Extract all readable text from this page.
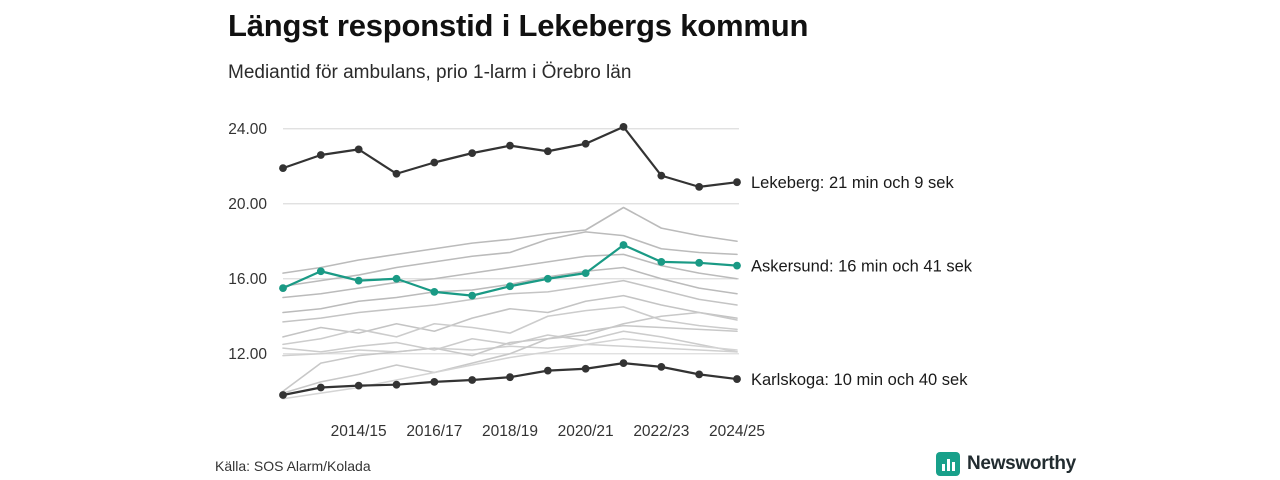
Längst responstid i Lekebergs kommun
Mediantid för ambulans, prio 1-larm i Örebro län
12.00
16.00
20.00
24.00
2014/15 2016/17 2018/19 2020/21 2022/23 2024/25
Lekeberg: 21 min och 9 sek
Askersund: 16 min och 41 sek
Karlskoga: 10 min och 40 sek
Källa: SOS Alarm/Kolada	Newsworthy
